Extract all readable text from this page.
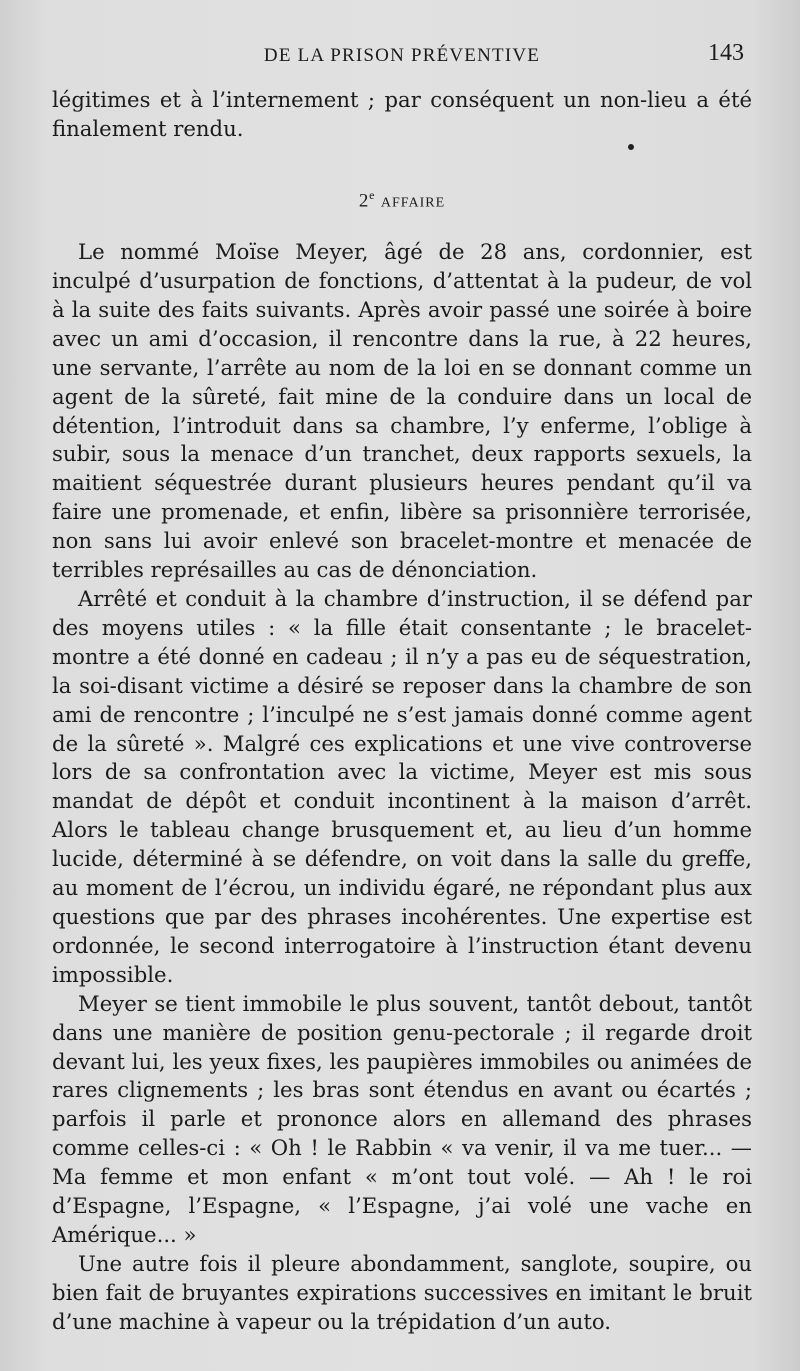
DE LA PRISON PRÉVENTIVE	143

légitimes et à l’internement ; par conséquent un non-lieu a été finalement rendu.

2e AFFAIRE

Le nommé Moïse Meyer, âgé de 28 ans, cordonnier, est inculpé d’usurpation de fonctions, d’attentat à la pudeur, de vol à la suite des faits suivants. Après avoir passé une soirée à boire avec un ami d’occasion, il rencontre dans la rue, à 22 heures, une servante, l’arrête au nom de la loi en se donnant comme un agent de la sûreté, fait mine de la conduire dans un local de détention, l’introduit dans sa chambre, l’y enferme, l’oblige à subir, sous la menace d’un tranchet, deux rapports sexuels, la maitient séquestrée durant plusieurs heures pendant qu’il va faire une promenade, et enfin, libère sa prisonnière terrorisée, non sans lui avoir enlevé son bracelet-montre et menacée de terribles représailles au cas de dénonciation.

Arrêté et conduit à la chambre d’instruction, il se défend par des moyens utiles : « la fille était consentante ; le bracelet-montre a été donné en cadeau ; il n’y a pas eu de séquestration, la soi-disant victime a désiré se reposer dans la chambre de son ami de rencontre ; l’inculpé ne s’est jamais donné comme agent de la sûreté ». Malgré ces explications et une vive controverse lors de sa confrontation avec la victime, Meyer est mis sous mandat de dépôt et conduit incontinent à la maison d’arrêt. Alors le tableau change brusquement et, au lieu d’un homme lucide, déterminé à se défendre, on voit dans la salle du greffe, au moment de l’écrou, un individu égaré, ne répondant plus aux questions que par des phrases incohérentes. Une expertise est ordonnée, le second interrogatoire à l’instruction étant devenu impossible.

Meyer se tient immobile le plus souvent, tantôt debout, tantôt dans une manière de position genu-pectorale ; il regarde droit devant lui, les yeux fixes, les paupières immobiles ou animées de rares clignements ; les bras sont étendus en avant ou écartés ; parfois il parle et prononce alors en allemand des phrases comme celles-ci : « Oh ! le Rabbin « va venir, il va me tuer... — Ma femme et mon enfant « m’ont tout volé. — Ah ! le roi d’Espagne, l’Espagne, « l’Espagne, j’ai volé une vache en Amérique... »

Une autre fois il pleure abondamment, sanglote, soupire, ou bien fait de bruyantes expirations successives en imitant le bruit d’une machine à vapeur ou la trépidation d’un auto.
